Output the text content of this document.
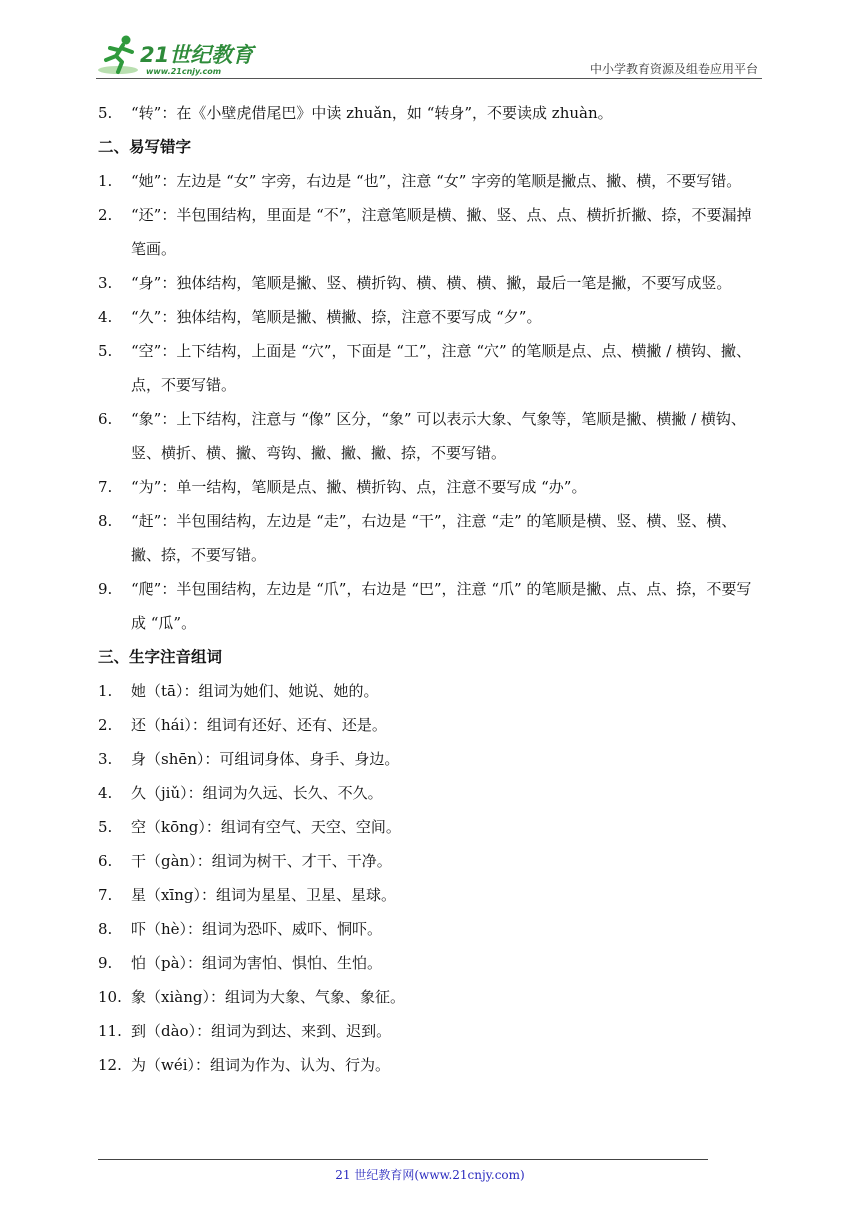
21世纪教育
www.21cnjy.com	中小学教育资源及组卷应用平台
5. “转”：在《小壁虎借尾巴》中读 zhuǎn，如 “转身”，不要读成 zhuàn。
二、易写错字
1. “她”：左边是 “女” 字旁，右边是 “也”，注意 “女” 字旁的笔顺是撇点、撇、横，不要写错。
2. “还”：半包围结构，里面是 “不”，注意笔顺是横、撇、竖、点、点、横折折撇、捺，不要漏掉笔画。
3. “身”：独体结构，笔顺是撇、竖、横折钩、横、横、横、撇，最后一笔是撇，不要写成竖。
4. “久”：独体结构，笔顺是撇、横撇、捺，注意不要写成 “夕”。
5. “空”：上下结构，上面是 “穴”，下面是 “工”，注意 “穴” 的笔顺是点、点、横撇 / 横钩、撇、点，不要写错。
6. “象”：上下结构，注意与 “像” 区分，“象” 可以表示大象、气象等，笔顺是撇、横撇 / 横钩、竖、横折、横、撇、弯钩、撇、撇、撇、捺，不要写错。
7. “为”：单一结构，笔顺是点、撇、横折钩、点，注意不要写成 “办”。
8. “赶”：半包围结构，左边是 “走”，右边是 “干”，注意 “走” 的笔顺是横、竖、横、竖、横、撇、捺，不要写错。
9. “爬”：半包围结构，左边是 “爪”，右边是 “巴”，注意 “爪” 的笔顺是撇、点、点、捺，不要写成 “瓜”。
三、生字注音组词
1. 她（tā）：组词为她们、她说、她的。
2. 还（hái）：组词有还好、还有、还是。
3. 身（shēn）：可组词身体、身手、身边。
4. 久（jiǔ）：组词为久远、长久、不久。
5. 空（kōng）：组词有空气、天空、空间。
6. 干（gàn）：组词为树干、才干、干净。
7. 星（xīng）：组词为星星、卫星、星球。
8. 吓（hè）：组词为恐吓、威吓、恫吓。
9. 怕（pà）：组词为害怕、惧怕、生怕。
10. 象（xiàng）：组词为大象、气象、象征。
11. 到（dào）：组词为到达、来到、迟到。
12. 为（wéi）：组词为作为、认为、行为。
21 世纪教育网(www.21cnjy.com)
